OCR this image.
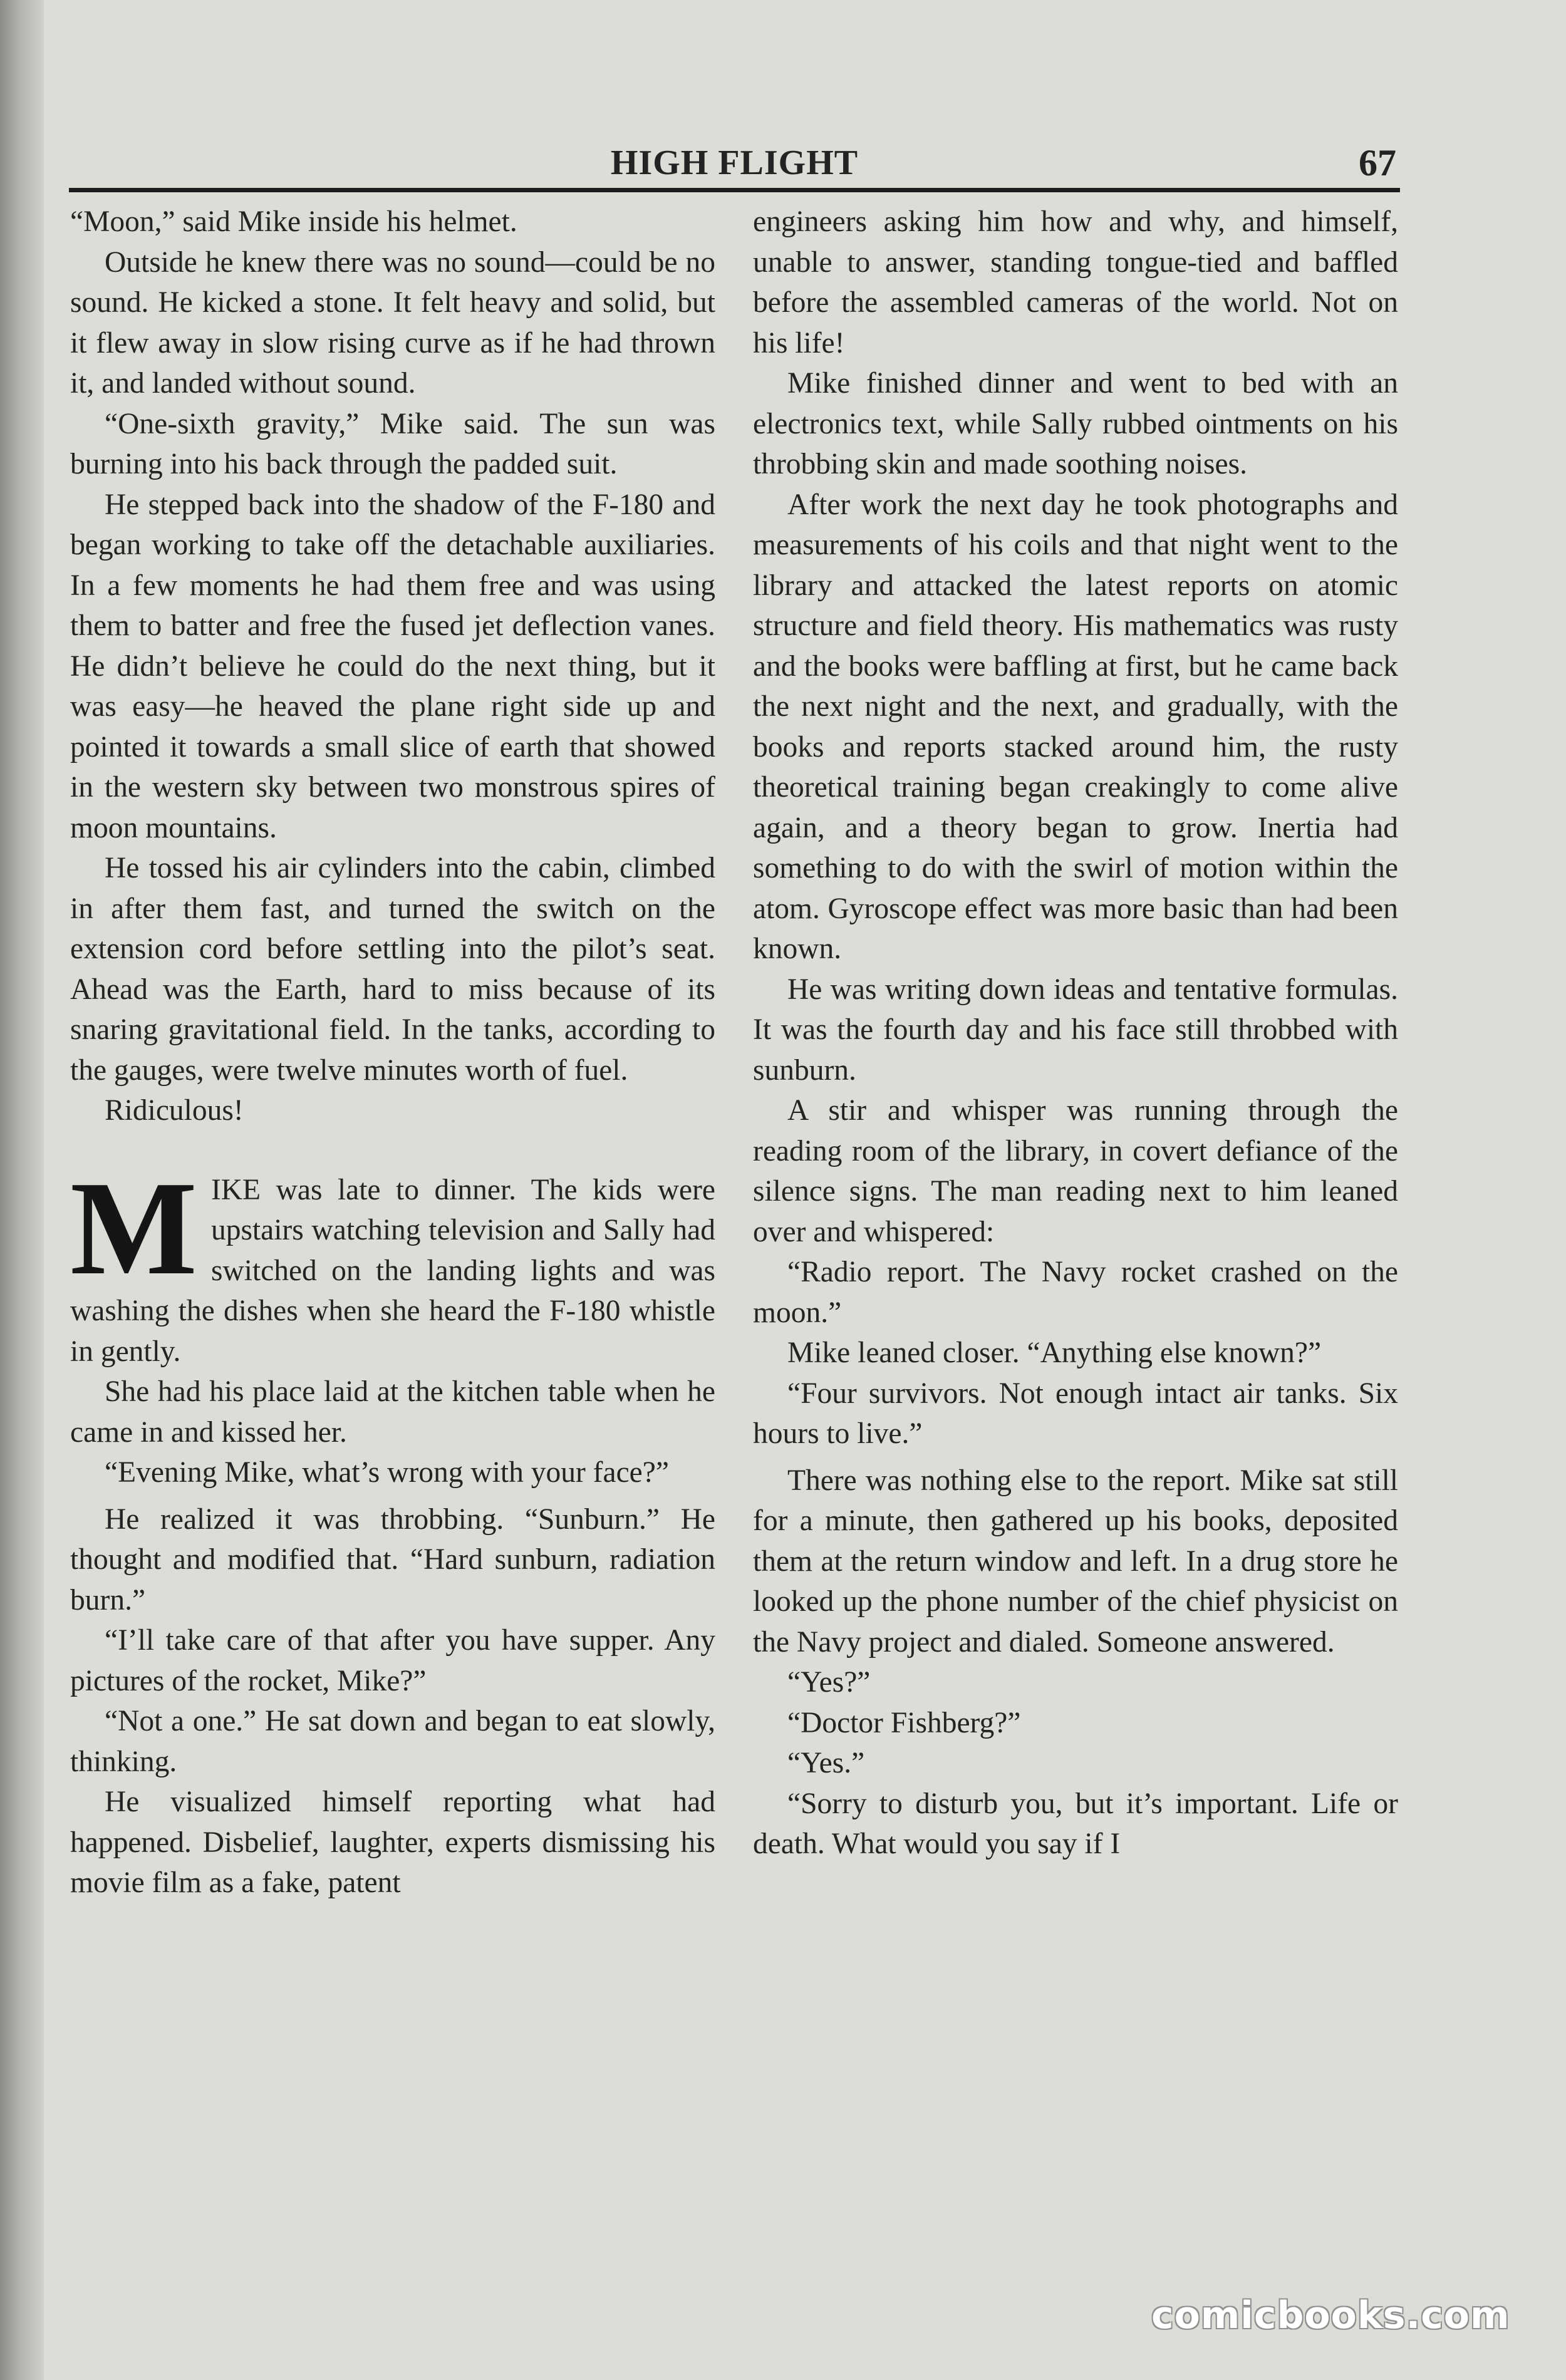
HIGH FLIGHT	67

“Moon,” said Mike inside his helmet.

Outside he knew there was no sound—could be no sound. He kicked a stone. It felt heavy and solid, but it flew away in slow rising curve as if he had thrown it, and landed without sound.

“One-sixth gravity,” Mike said. The sun was burning into his back through the padded suit.

He stepped back into the shadow of the F-180 and began working to take off the detachable auxiliaries. In a few moments he had them free and was using them to batter and free the fused jet deflection vanes. He didn’t believe he could do the next thing, but it was easy—he heaved the plane right side up and pointed it towards a small slice of earth that showed in the western sky between two monstrous spires of moon mountains.

He tossed his air cylinders into the cabin, climbed in after them fast, and turned the switch on the extension cord before settling into the pilot’s seat. Ahead was the Earth, hard to miss because of its snaring gravitational field. In the tanks, according to the gauges, were twelve minutes worth of fuel.

Ridiculous!

MIKE was late to dinner. The kids were upstairs watching television and Sally had switched on the landing lights and was washing the dishes when she heard the F-180 whistle in gently.

She had his place laid at the kitchen table when he came in and kissed her.

“Evening Mike, what’s wrong with your face?”

He realized it was throbbing. “Sunburn.” He thought and modified that. “Hard sunburn, radiation burn.”

“I’ll take care of that after you have supper. Any pictures of the rocket, Mike?”

“Not a one.” He sat down and began to eat slowly, thinking.

He visualized himself reporting what had happened. Disbelief, laughter, experts dismissing his movie film as a fake, patent

engineers asking him how and why, and himself, unable to answer, standing tongue-tied and baffled before the assembled cameras of the world. Not on his life!

Mike finished dinner and went to bed with an electronics text, while Sally rubbed ointments on his throbbing skin and made soothing noises.

After work the next day he took photographs and measurements of his coils and that night went to the library and attacked the latest reports on atomic structure and field theory. His mathematics was rusty and the books were baffling at first, but he came back the next night and the next, and gradually, with the books and reports stacked around him, the rusty theoretical training began creakingly to come alive again, and a theory began to grow. Inertia had something to do with the swirl of motion within the atom. Gyroscope effect was more basic than had been known.

He was writing down ideas and tentative formulas. It was the fourth day and his face still throbbed with sunburn.

A stir and whisper was running through the reading room of the library, in covert defiance of the silence signs. The man reading next to him leaned over and whispered:

“Radio report. The Navy rocket crashed on the moon.”

Mike leaned closer. “Anything else known?”

“Four survivors. Not enough intact air tanks. Six hours to live.”

There was nothing else to the report. Mike sat still for a minute, then gathered up his books, deposited them at the return window and left. In a drug store he looked up the phone number of the chief physicist on the Navy project and dialed. Someone answered.

“Yes?”

“Doctor Fishberg?”

“Yes.”

“Sorry to disturb you, but it’s important. Life or death. What would you say if I

comicbooks.com
